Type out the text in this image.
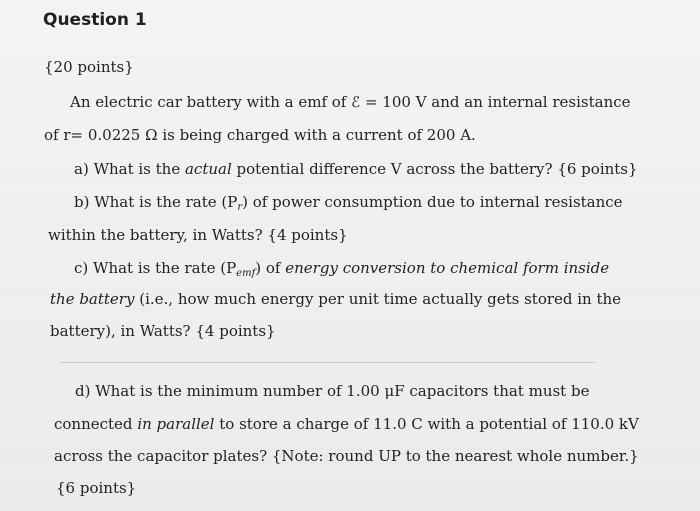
Question 1
{20 points}
An electric car battery with a emf of ℰ = 100 V and an internal resistance
of r= 0.0225 Ω is being charged with a current of 200 A.
a) What is the actual potential difference V across the battery? {6 points}
b) What is the rate $(P_r)$ of power consumption due to internal resistance
within the battery, in Watts? {4 points}
c) What is the rate $(P_{emf})$ of energy conversion to chemical form inside
the battery (i.e., how much energy per unit time actually gets stored in the
battery), in Watts? {4 points}
d) What is the minimum number of 1.00 μF capacitors that must be
connected in parallel to store a charge of 11.0 C with a potential of 110.0 kV
across the capacitor plates? {Note: round UP to the nearest whole number.}
{6 points}
